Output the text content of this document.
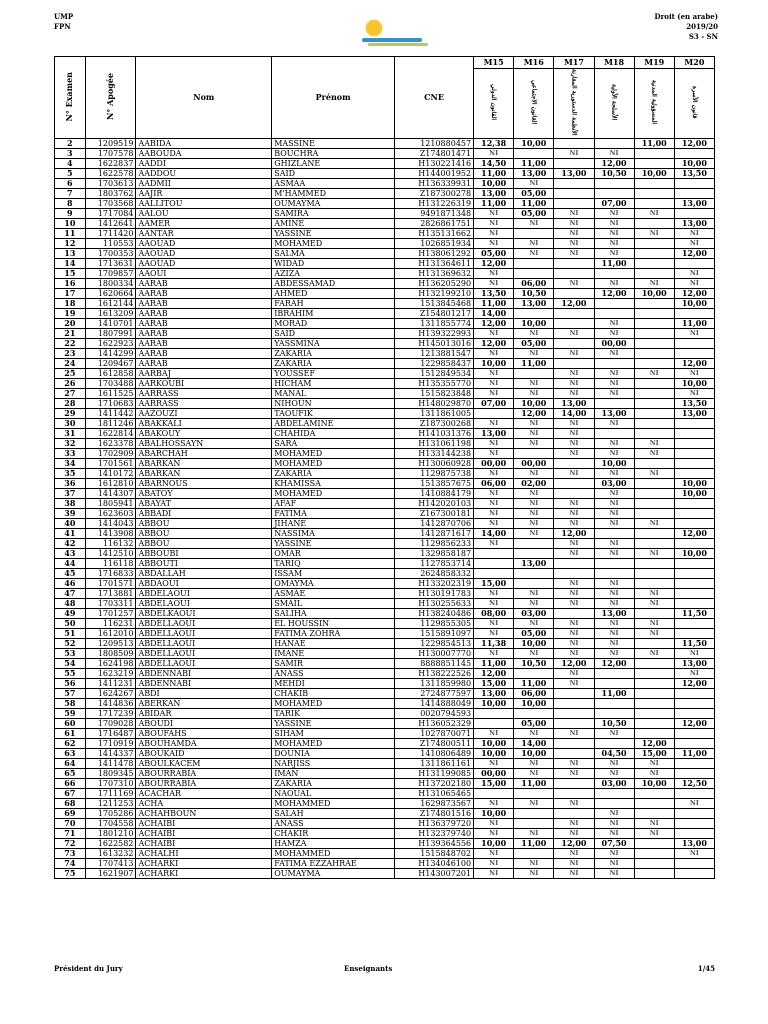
UMP
FPN
Droit (en arabe)
2019/20
S3 - SN
N° Examen	N° Apogée	Nom	Prénom	CNE	M15	M16	M17	M18	M19	M20
					القانون الدولي	القانون الاجتماعي	الأنظمة الدستورية المقارنة	الأسلحة الأولية	المسؤولية المدنية	قانون الأسرة
2	1209519	AABIDA	MASSINE	1210880457	12,38	10,00			11,00	12,00
3	1707578	AABOUDA	BOUCHRA	Z174801471	NI		NI	NI		
4	1622837	AADDI	GHIZLANE	H130221416	14,50	11,00		12,00		10,00
5	1622578	AADDOU	SAID	H144001952	11,00	13,00	13,00	10,50	10,00	13,50
6	1703613	AADMII	ASMAA	H136339931	10,00	NI				
7	1803762	AAJIR	M'HAMMED	Z187300278	13,00	05,00				
8	1703568	AALLITOU	OUMAYMA	H131226319	11,00	11,00		07,00		13,00
9	1717084	AALOU	SAMIRA	9491871348	NI	05,00	NI	NI	NI	
10	1412641	AAMER	AMINE	2826861751	NI	NI	NI	NI		13,00
11	1711420	AANTAR	YASSINE	H135131662	NI		NI	NI	NI	NI
12	110553	AAOUAD	MOHAMED	1026851934	NI	NI	NI	NI		NI
13	1700353	AAOUAD	SALMA	H138061292	05,00	NI	NI	NI		12,00
14	1713631	AAOUAD	WIDAD	H131364611	12,00			11,00		
15	1709857	AAOUI	AZIZA	H131369632	NI					NI
16	1800334	AARAB	ABDESSAMAD	H136205290	NI	06,00	NI	NI	NI	NI
17	1620664	AARAB	AHMED	H132199210	13,50	10,50		12,00	10,00	12,00
18	1612144	AARAB	FARAH	1513845468	11,00	13,00	12,00			10,00
19	1613209	AARAB	IBRAHIM	Z154801217	14,00					
20	1410701	AARAB	MORAD	1311855774	12,00	10,00		NI		11,00
21	1807991	AARAB	SAID	H139322993	NI	NI	NI	NI		NI
22	1622923	AARAB	YASSMINA	H145013016	12,00	05,00		00,00		
23	1414299	AARAB	ZAKARIA	1213881547	NI	NI	NI	NI		
24	1209467	AARAB	ZAKARIA	1229858437	10,00	11,00				12,00
25	1612858	AARBAJ	YOUSSEF	1512849534	NI		NI	NI	NI	NI
26	1703488	AARKOUBI	HICHAM	H135355770	NI	NI	NI	NI		10,00
27	1611525	AARRASS	MANAL	1515823848	NI	NI	NI	NI		NI
28	1710683	AARRASS	NIHOUN	H148029870	07,00	10,00	13,00			13,50
29	1411442	AAZOUZI	TAOUFIK	1311861005		12,00	14,00	13,00		13,00
30	1811246	ABAKKALI	ABDELAMINE	Z187300268	NI	NI	NI	NI		
31	1622814	ABAKOUY	CHAHIDA	H141031376	13,00	NI	NI			
32	1623378	ABALHOSSAYN	SARA	H131061198	NI	NI	NI	NI	NI	
33	1702909	ABARCHAH	MOHAMED	H133144238	NI		NI	NI	NI	
34	1701561	ABARKAN	MOHAMED	H130060928	00,00	00,00		10,00		
35	1410172	ABARKAN	ZAKARIA	1129875738	NI	NI	NI	NI	NI	
36	1612810	ABARNOUS	KHAMISSA	1513857675	06,00	02,00		03,00		10,00
37	1414307	ABATOY	MOHAMED	1410884179	NI	NI		NI		10,00
38	1805941	ABAYAT	AFAF	H142020103	NI	NI	NI	NI		
39	1623603	ABBADI	FATIMA	Z167300181	NI	NI	NI	NI		
40	1414043	ABBOU	JIHANE	1412870706	NI	NI	NI	NI	NI	
41	1413908	ABBOU	NASSIMA	1412871617	14,00	NI	12,00			12,00
42	116132	ABBOU	YASSINE	1129856233	NI		NI	NI		
43	1412510	ABBOUBI	OMAR	1329858187			NI	NI	NI	10,00
44	116118	ABBOUTI	TARIQ	1127853714		13,00				
45	1716833	ABDALLAH	ISSAM	2624858332						
46	1701571	ABDAOUI	OMAYMA	H133202319	15,00		NI	NI		
47	1713881	ABDELAOUI	ASMAE	H130191783	NI	NI	NI	NI	NI	
48	1703311	ABDELAOUI	SMAIL	H130255633	NI	NI	NI	NI	NI	
49	1701257	ABDELKAOUI	SALIHA	H138240486	08,00	03,00		13,00		11,50
50	116231	ABDELLAOUI	EL HOUSSIN	1129855305	NI	NI	NI	NI	NI	
51	1612010	ABDELLAOUI	FATIMA ZOHRA	1515891097	NI	05,00	NI	NI	NI	
52	1209513	ABDELLAOUI	HANAE	1229854513	11,38	10,00	NI	NI		11,50
53	1808509	ABDELLAOUI	IMANE	H130007770	NI	NI	NI	NI	NI	NI
54	1624198	ABDELLAOUI	SAMIR	8888851145	11,00	10,50	12,00	12,00		13,00
55	1623219	ABDENNABI	ANASS	H138222526	12,00		NI			NI
56	1411231	ABDENNABI	MEHDI	1311859980	15,00	11,00	NI			12,00
57	1624267	ABDI	CHAKIB	2724877597	13,00	06,00		11,00		
58	1414836	ABERKAN	MOHAMED	1414888049	10,00	10,00				
59	1717239	ABIDAR	TARIK	0020794593						
60	1709028	ABOUDI	YASSINE	H136052329		05,00		10,50		12,00
61	1716487	ABOUFAHS	SIHAM	1027870071	NI	NI	NI	NI		
62	1710919	ABOUHAMDA	MOHAMED	Z174800511	10,00	14,00			12,00	
63	1414337	ABOUKAID	DOUNIA	1410806489	10,00	10,00		04,50	15,00	11,00
64	1411478	ABOULKACEM	NARJISS	1311861161	NI	NI	NI	NI	NI	
65	1809345	ABOURRABIA	IMAN	H131199085	00,00	NI	NI	NI	NI	
66	1707310	ABOURRABIA	ZAKARIA	H137202180	15,00	11,00		03,00	10,00	12,50
67	1711169	ACACHAR	NAOUAL	H131065465						
68	1211253	ACHA	MOHAMMED	1629873567	NI	NI	NI			NI
69	1705286	ACHAHBOUN	SALAH	Z174801516	10,00			NI		
70	1704558	ACHAIBI	ANASS	H136379720	NI		NI	NI	NI	
71	1801210	ACHAIBI	CHAKIR	H132379740	NI	NI	NI	NI	NI	
72	1622582	ACHAIBI	HAMZA	H139364556	10,00	11,00	12,00	07,50		13,00
73	1613232	ACHALHI	MOHAMMED	1515848702	NI		NI	NI		NI
74	1707413	ACHARKI	FATIMA EZZAHRAE	H134046100	NI	NI	NI	NI		
75	1621907	ACHARKI	OUMAYMA	H143007201	NI	NI	NI	NI		
Président du Jury	Enseignants	1/45
